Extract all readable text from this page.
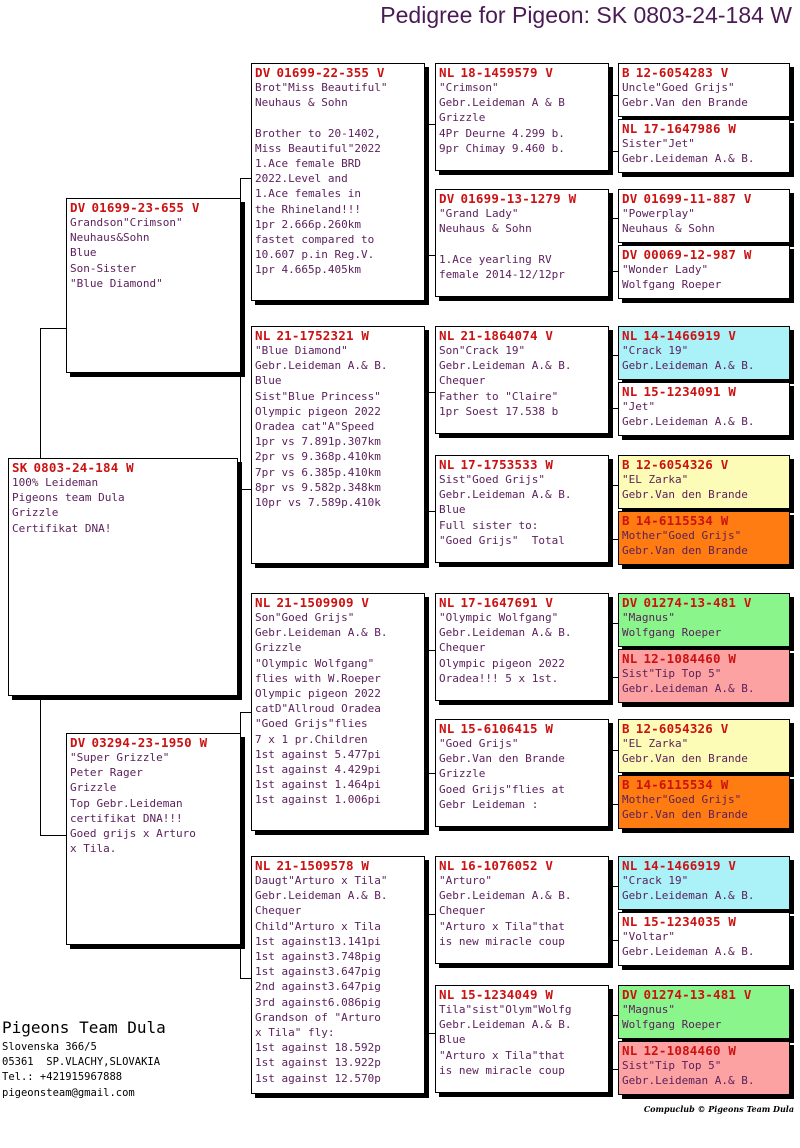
Pedigree for Pigeon: SK 0803-24-184 W
SK 0803-24-184 W
100% Leideman
Pigeons team Dula
Grizzle
Certifikat DNA!
DV 01699-23-655 V
Grandson"Crimson"
Neuhaus&Sohn
Blue
Son-Sister
"Blue Diamond"
DV 03294-23-1950 W
"Super Grizzle"
Peter Rager
Grizzle
Top Gebr.Leideman
certifikat DNA!!!
Goed grijs x Arturo
x Tila.
DV 01699-22-355 V
Brot"Miss Beautiful"
Neuhaus & Sohn

Brother to 20-1402,
Miss Beautiful"2022
1.Ace female BRD
2022.Level and
1.Ace females in
the Rhineland!!!
1pr 2.666p.260km
fastet compared to
10.607 p.in Reg.V.
1pr 4.665p.405km
NL 21-1752321 W
"Blue Diamond"
Gebr.Leideman A.& B.
Blue
Sist"Blue Princess"
Olympic pigeon 2022
Oradea cat"A"Speed
1pr vs 7.891p.307km
2pr vs 9.368p.410km
7pr vs 6.385p.410km
8pr vs 9.582p.348km
10pr vs 7.589p.410k
NL 21-1509909 V
Son"Goed Grijs"
Gebr.Leideman A.& B.
Grizzle
"Olympic Wolfgang"
flies with W.Roeper
Olympic pigeon 2022
catD"Allroud Oradea
"Goed Grijs"flies
7 x 1 pr.Children
1st against 5.477pi
1st against 4.429pi
1st against 1.464pi
1st against 1.006pi
NL 21-1509578 W
Daugt"Arturo x Tila"
Gebr.Leideman A.& B.
Chequer
Child"Arturo x Tila
1st against13.141pi
1st against3.748pig
1st against3.647pig
2nd against3.647pig
3rd against6.086pig
Grandson of "Arturo
x Tila" fly:
1st against 18.592p
1st against 13.922p
1st against 12.570p
NL 18-1459579 V
"Crimson"
Gebr.Leideman A & B
Grizzle
4Pr Deurne 4.299 b.
9pr Chimay 9.460 b.
DV 01699-13-1279 W
"Grand Lady"
Neuhaus & Sohn

1.Ace yearling RV
female 2014-12/12pr
NL 21-1864074 V
Son"Crack 19"
Gebr.Leideman A.& B.
Chequer
Father to "Claire"
1pr Soest 17.538 b
NL 17-1753533 W
Sist"Goed Grijs"
Gebr.Leideman A.& B.
Blue
Full sister to:
"Goed Grijs"  Total
NL 17-1647691 V
"Olympic Wolfgang"
Gebr.Leideman A.& B.
Chequer
Olympic pigeon 2022
Oradea!!! 5 x 1st.
NL 15-6106415 W
"Goed Grijs"
Gebr.Van den Brande
Grizzle
Goed Grijs"flies at
Gebr Leideman :
NL 16-1076052 V
"Arturo"
Gebr.Leideman A.& B.
Chequer
"Arturo x Tila"that
is new miracle coup
NL 15-1234049 W
Tila"sist"Olym"Wolfg
Gebr.Leideman A.& B.
Blue
"Arturo x Tila"that
is new miracle coup
B 12-6054283 V
Uncle"Goed Grijs"
Gebr.Van den Brande
NL 17-1647986 W
Sister"Jet"
Gebr.Leideman A.& B.
DV 01699-11-887 V
"Powerplay"
Neuhaus & Sohn
DV 00069-12-987 W
"Wonder Lady"
Wolfgang Roeper
NL 14-1466919 V
"Crack 19"
Gebr.Leideman A.& B.
NL 15-1234091 W
"Jet"
Gebr.Leideman A.& B.
B 12-6054326 V
"EL Zarka"
Gebr.Van den Brande
B 14-6115534 W
Mother"Goed Grijs"
Gebr.Van den Brande
DV 01274-13-481 V
"Magnus"
Wolfgang Roeper
NL 12-1084460 W
Sist"Tip Top 5"
Gebr.Leideman A.& B.
B 12-6054326 V
"EL Zarka"
Gebr.Van den Brande
B 14-6115534 W
Mother"Goed Grijs"
Gebr.Van den Brande
NL 14-1466919 V
"Crack 19"
Gebr.Leideman A.& B.
NL 15-1234035 W
"Voltar"
Gebr.Leideman A.& B.
DV 01274-13-481 V
"Magnus"
Wolfgang Roeper
NL 12-1084460 W
Sist"Tip Top 5"
Gebr.Leideman A.& B.
Pigeons Team Dula
Slovenska 366/5
05361  SP.VLACHY,SLOVAKIA
Tel.: +421915967888
pigeonsteam@gmail.com
Compuclub © Pigeons Team Dula
